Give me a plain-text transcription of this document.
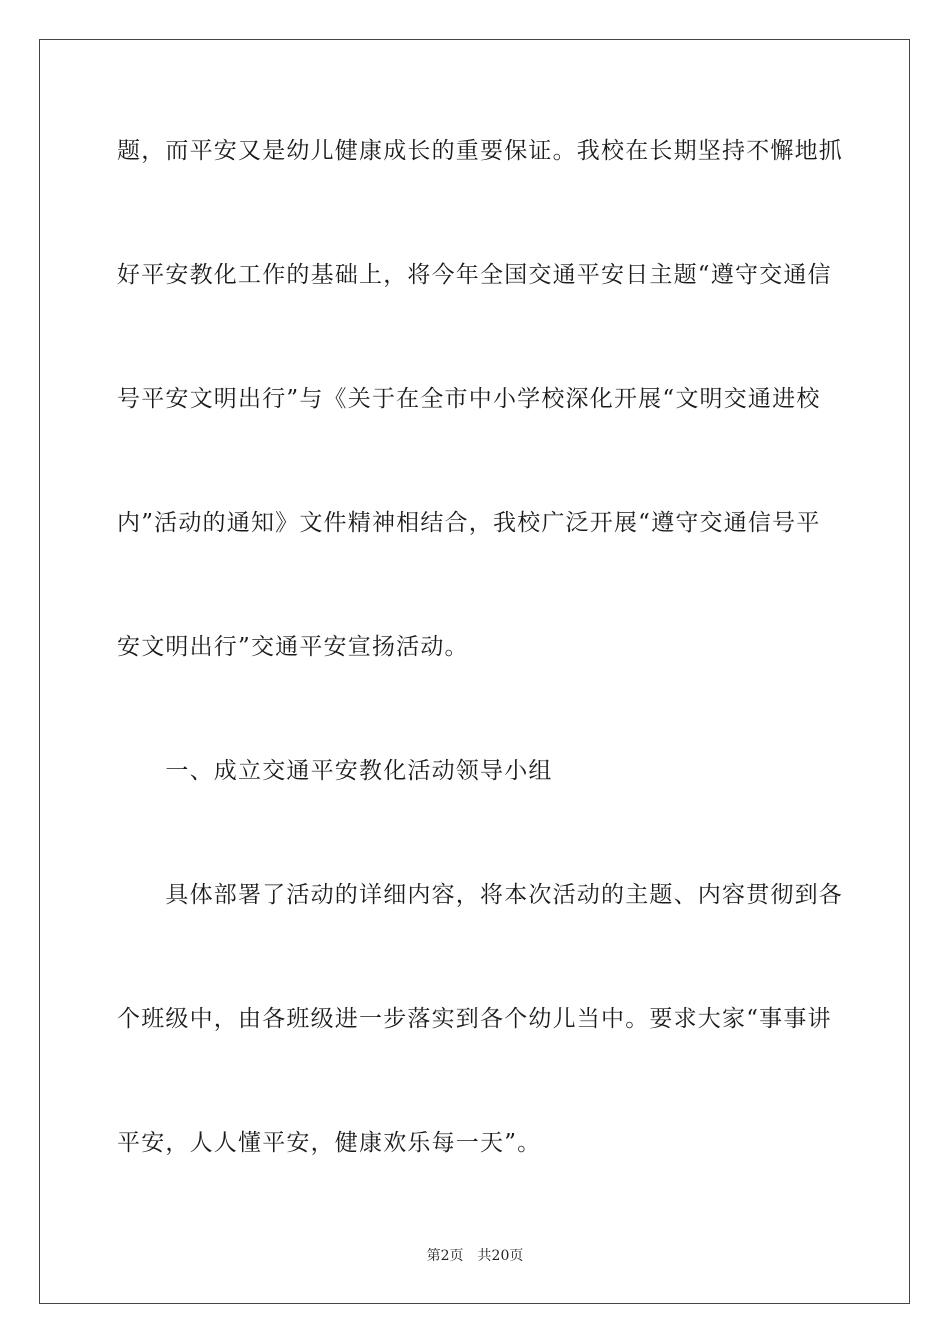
题，而平安又是幼儿健康成长的重要保证。我校在长期坚持不懈地抓
好平安教化工作的基础上，将今年全国交通平安日主题“遵守交通信
号平安文明出行”与《关于在全市中小学校深化开展“文明交通进校
内”活动的通知》文件精神相结合，我校广泛开展“遵守交通信号平
安文明出行”交通平安宣扬活动。
　　一、成立交通平安教化活动领导小组
　　具体部署了活动的详细内容，将本次活动的主题、内容贯彻到各
个班级中，由各班级进一步落实到各个幼儿当中。要求大家“事事讲
平安，人人懂平安，健康欢乐每一天”。
第2页 共20页
